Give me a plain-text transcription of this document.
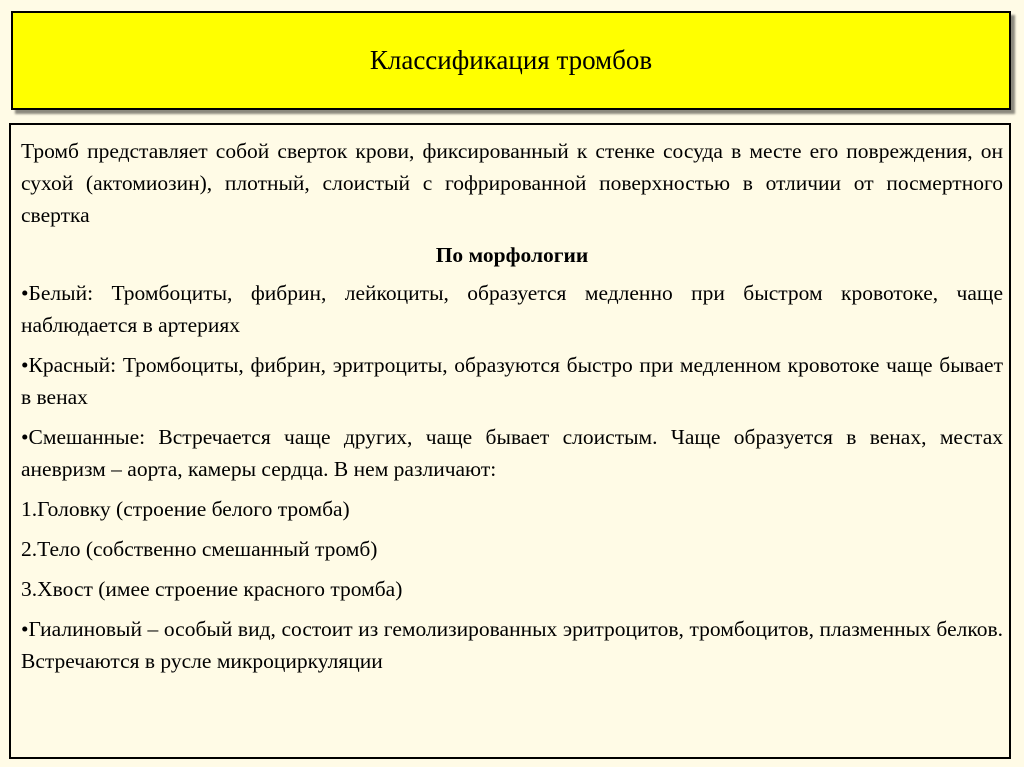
Классификация тромбов

Тромб представляет собой сверток крови, фиксированный к стенке сосуда в месте его повреждения, он сухой (актомиозин), плотный, слоистый с гофрированной поверхностью в отличии от посмертного свертка

По морфологии

•Белый: Тромбоциты, фибрин, лейкоциты, образуется медленно при быстром кровотоке, чаще наблюдается в артериях

•Красный: Тромбоциты, фибрин, эритроциты, образуются быстро при медленном кровотоке чаще бывает в венах

•Смешанные: Встречается чаще других, чаще бывает слоистым. Чаще образуется в венах, местах аневризм – аорта, камеры сердца. В нем различают:

1.Головку (строение белого тромба)

2.Тело (собственно смешанный тромб)

3.Хвост (имее строение красного тромба)

•Гиалиновый – особый вид, состоит из гемолизированных эритроцитов, тромбоцитов, плазменных белков. Встречаются в русле микроциркуляции
